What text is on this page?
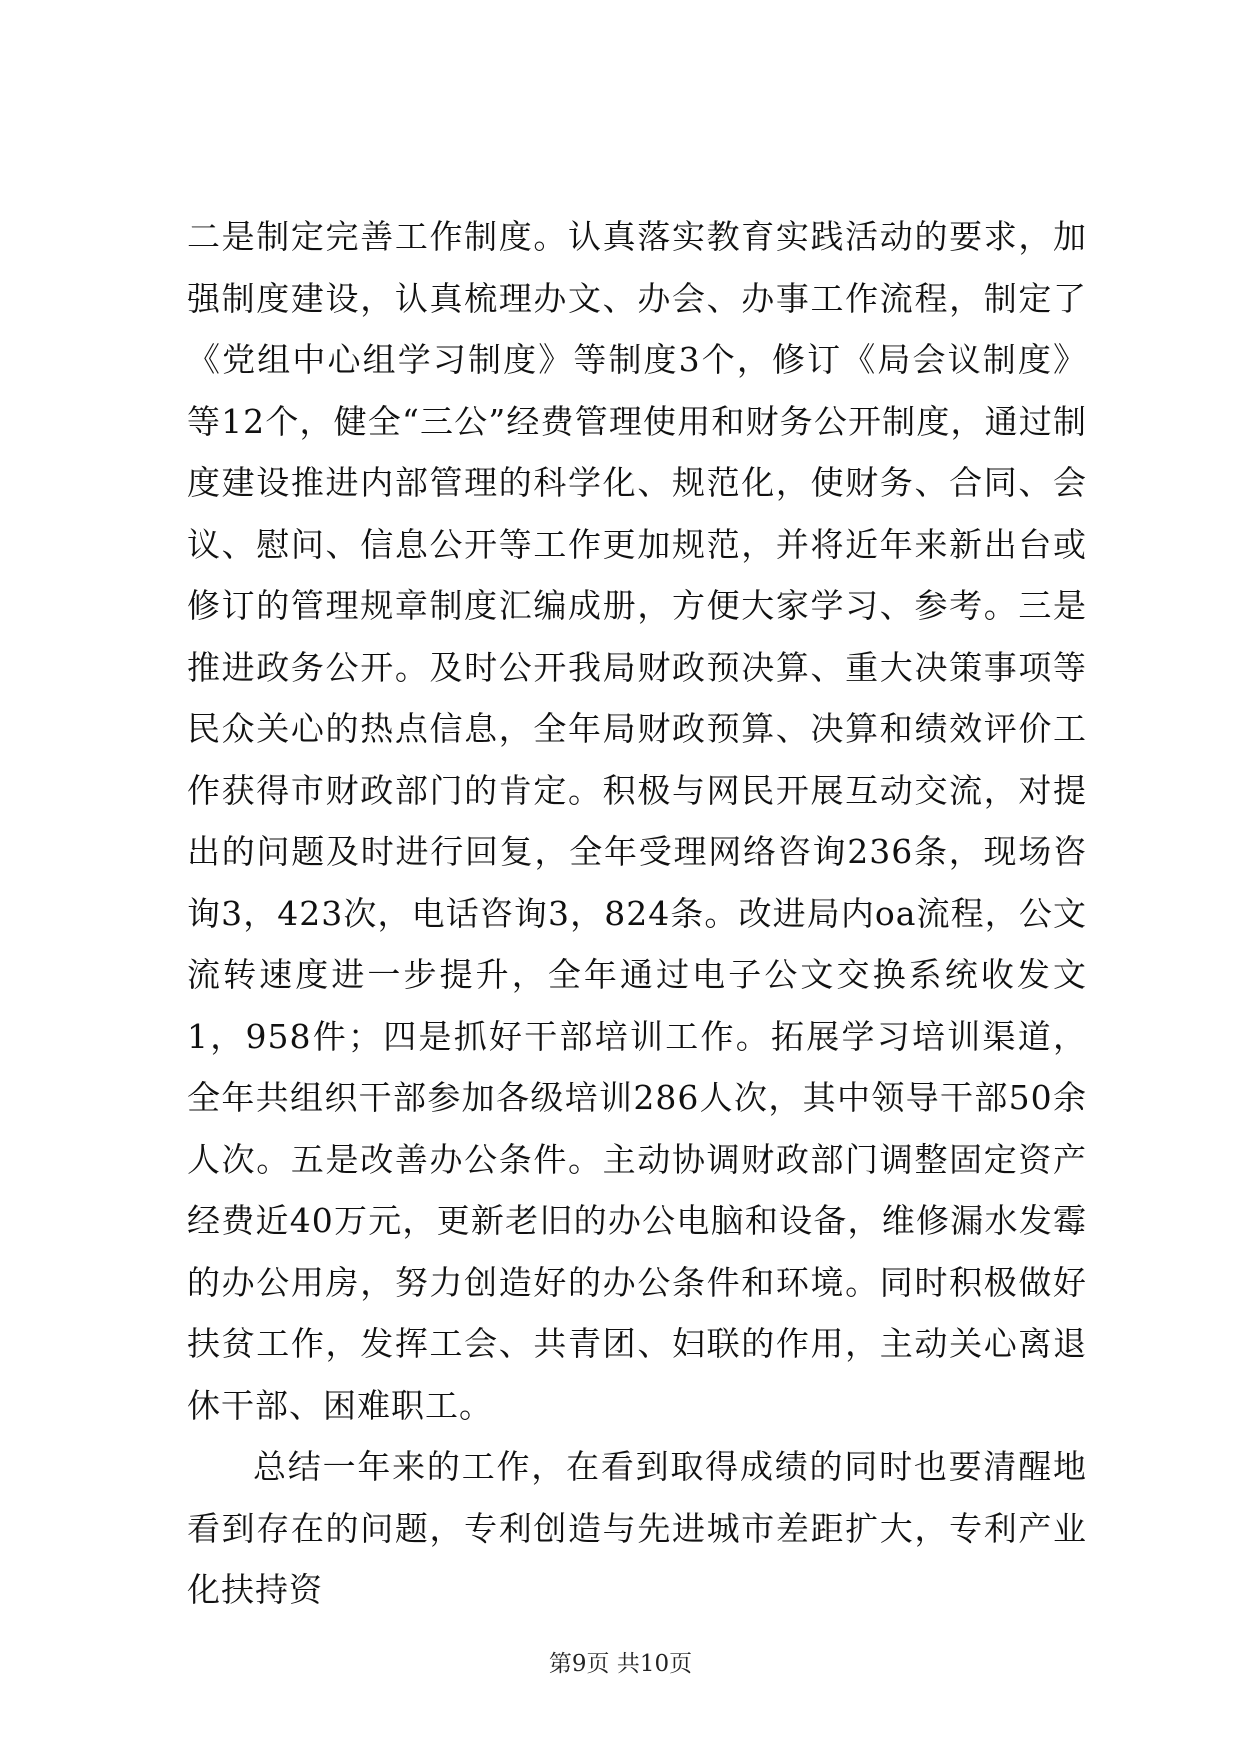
二是制定完善工作制度。认真落实教育实践活动的要求，加强制度建设，认真梳理办文、办会、办事工作流程，制定了《党组中心组学习制度》等制度3个，修订《局会议制度》等12个，健全“三公”经费管理使用和财务公开制度，通过制度建设推进内部管理的科学化、规范化，使财务、合同、会议、慰问、信息公开等工作更加规范，并将近年来新出台或修订的管理规章制度汇编成册，方便大家学习、参考。三是推进政务公开。及时公开我局财政预决算、重大决策事项等民众关心的热点信息，全年局财政预算、决算和绩效评价工作获得市财政部门的肯定。积极与网民开展互动交流，对提出的问题及时进行回复，全年受理网络咨询236条，现场咨询3，423次，电话咨询3，824条。改进局内oa流程，公文流转速度进一步提升，全年通过电子公文交换系统收发文1，958件；四是抓好干部培训工作。拓展学习培训渠道，全年共组织干部参加各级培训286人次，其中领导干部50余人次。五是改善办公条件。主动协调财政部门调整固定资产经费近40万元，更新老旧的办公电脑和设备，维修漏水发霉的办公用房，努力创造好的办公条件和环境。同时积极做好扶贫工作，发挥工会、共青团、妇联的作用，主动关心离退休干部、困难职工。

总结一年来的工作，在看到取得成绩的同时也要清醒地看到存在的问题，专利创造与先进城市差距扩大，专利产业化扶持资

第9页 共10页
